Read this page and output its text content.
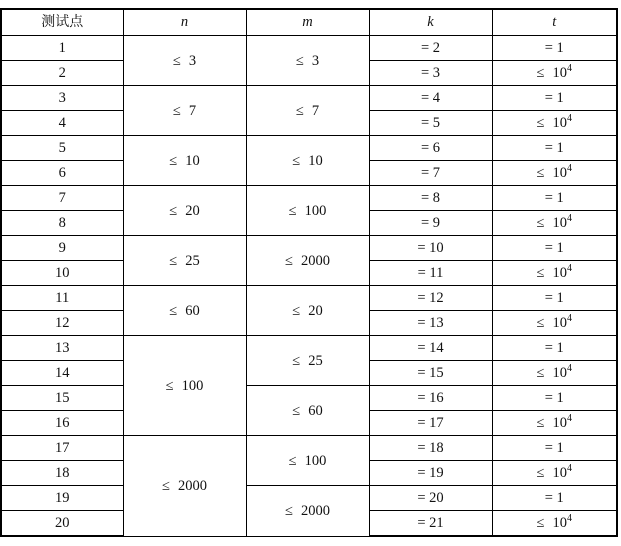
测试点	n	m	k	t
1	≤ 3	≤ 3	= 2	= 1
2			= 3	≤ $10^4$
3	≤ 7	≤ 7	= 4	= 1
4			= 5	≤ $10^4$
5	≤ 10	≤ 10	= 6	= 1
6			= 7	≤ $10^4$
7	≤ 20	≤ 100	= 8	= 1
8			= 9	≤ $10^4$
9	≤ 25	≤ 2000	= 10	= 1
10			= 11	≤ $10^4$
11	≤ 60	≤ 20	= 12	= 1
12			= 13	≤ $10^4$
13	≤ 100	≤ 25	= 14	= 1
14			= 15	≤ $10^4$
15		≤ 60	= 16	= 1
16			= 17	≤ $10^4$
17	≤ 2000	≤ 100	= 18	= 1
18			= 19	≤ $10^4$
19		≤ 2000	= 20	= 1
20			= 21	≤ $10^4$
